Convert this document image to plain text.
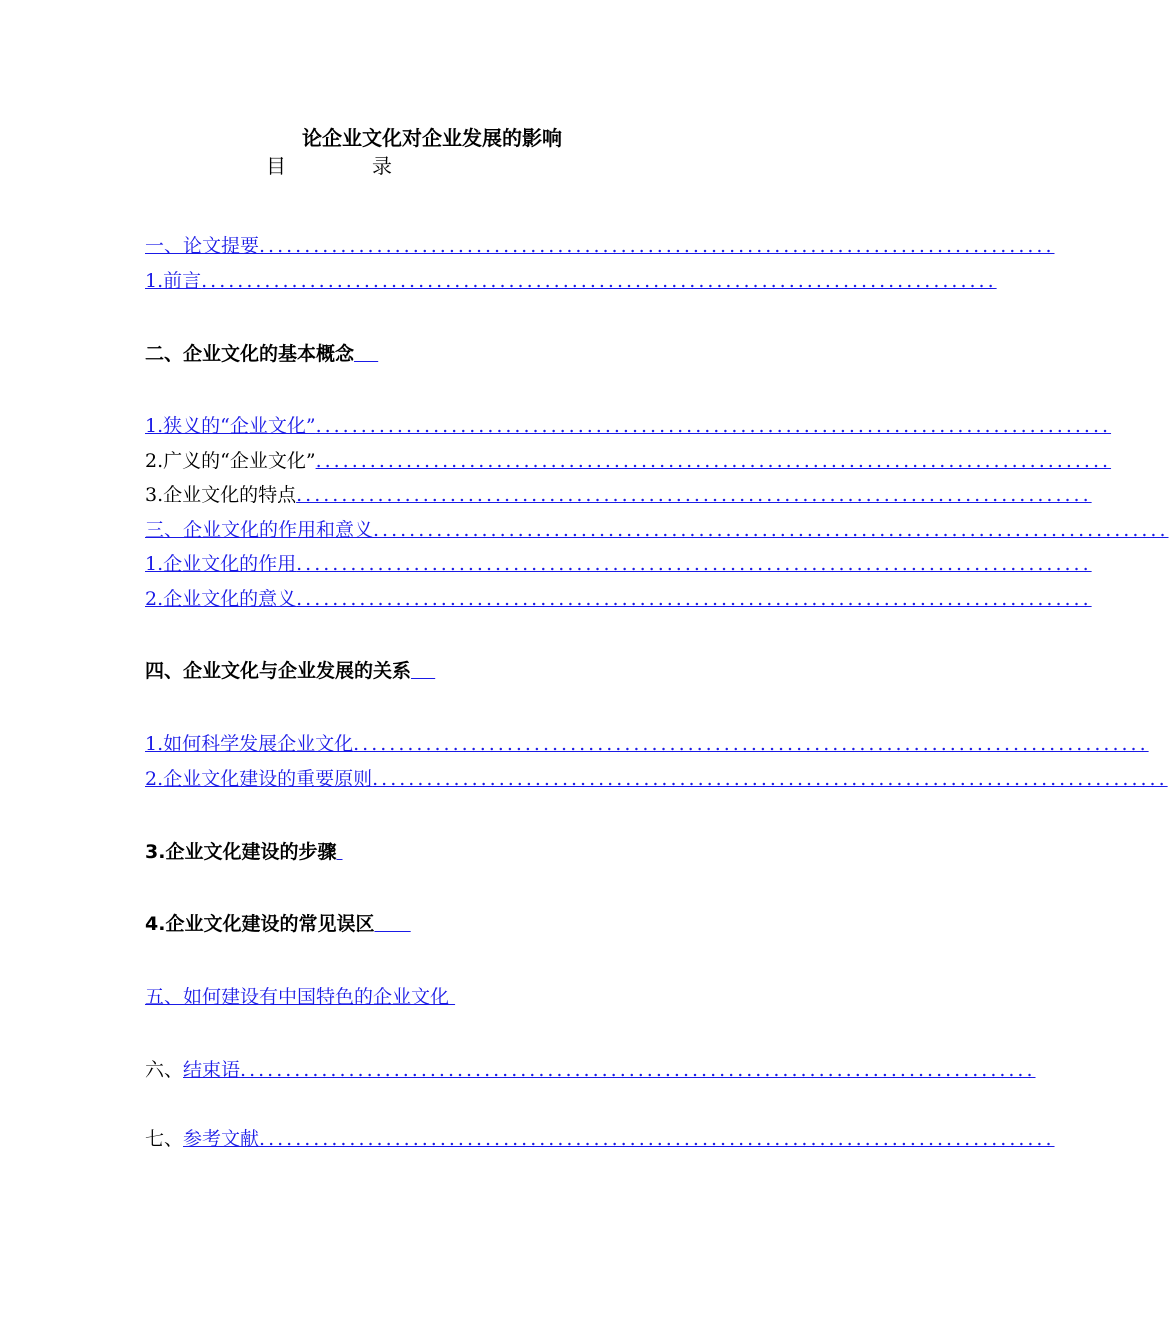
论企业文化对企业发展的影响
目	录
一、论文提要 ........................................................................................
1.前言 ........................................................................................
二、企业文化的基本概念

1.狭义的“企业文化” ........................................................................................
2.广义的“企业文化” ........................................................................................
3.企业文化的特点 ........................................................................................
三、企业文化的作用和意义 ........................................................................................
1.企业文化的作用 ........................................................................................
2.企业文化的意义 ........................................................................................
四、企业文化与企业发展的关系

1.如何科学发展企业文化 ........................................................................................
2.企业文化建设的重要原则 ........................................................................................
3.企业文化建设的步骤

4.企业文化建设的常见误区

五、如何建设有中国特色的企业文化

六、 结束语 ........................................................................................
七、 参考文献 ........................................................................................
